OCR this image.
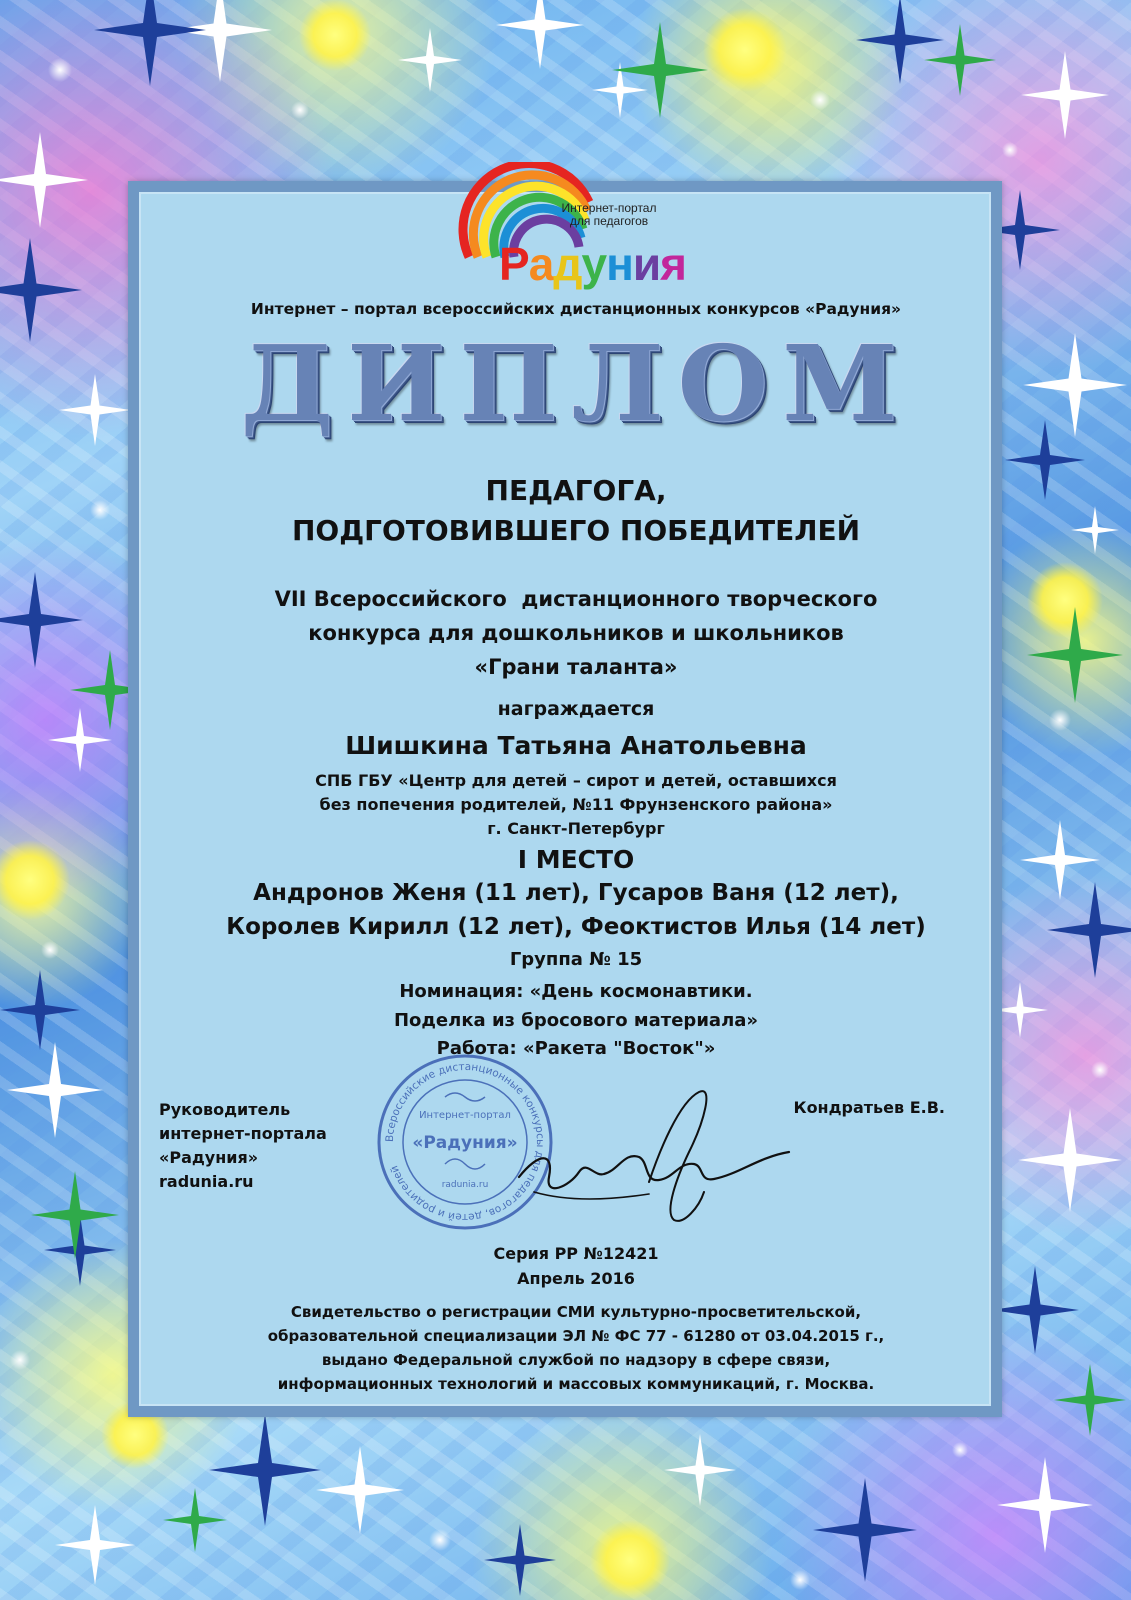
Интернет-портал
для педагогов
Радуния

Интернет – портал всероссийских дистанционных конкурсов «Радуния»

ДИПЛОМ

ПЕДАГОГА,

ПОДГОТОВИВШЕГО ПОБЕДИТЕЛЕЙ

VII Всероссийского  дистанционного творческого

конкурса для дошкольников и школьников

«Грани таланта»

награждается

Шишкина Татьяна Анатольевна

СПБ ГБУ «Центр для детей – сирот и детей, оставшихся

без попечения родителей, №11 Фрунзенского района»

г. Санкт-Петербург

I МЕСТО

Андронов Женя (11 лет), Гусаров Ваня (12 лет),

Королев Кирилл (12 лет), Феоктистов Илья (14 лет)

Группа № 15

Номинация: «День космонавтики.

Поделка из бросового материала»

Работа: «Ракета "Восток"»

Руководитель
интернет-портала
«Радуния»
radunia.ru
Всероссийские дистанционные конкурсы для педагогов, детей и родителей
Интернет-портал
«Радуния»
radunia.ru
Кондратьев Е.В.

Серия РР №12421

Апрель 2016

Свидетельство о регистрации СМИ культурно-просветительской,

образовательной специализации ЭЛ № ФС 77 - 61280 от 03.04.2015 г.,

выдано Федеральной службой по надзору в сфере связи,

информационных технологий и массовых коммуникаций, г. Москва.
